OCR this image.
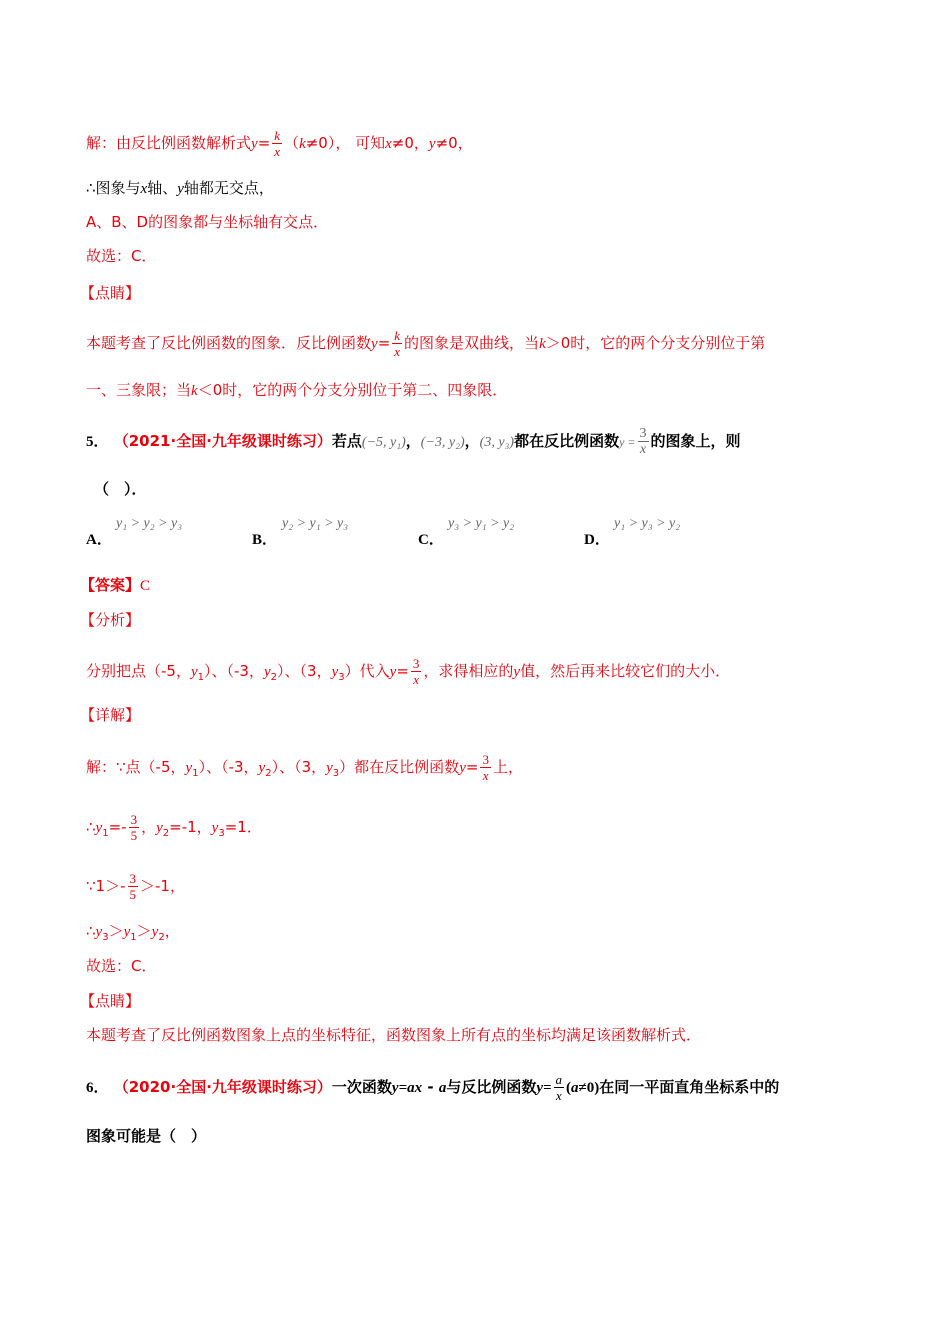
解：由反比例函数解析式$y= \frac{k}{x} (k\ne 0)$， 可知x≠0，y≠0，
∴图象与x轴、y轴都无交点，
A、B、D的图象都与坐标轴有交点．
故选：C．
【点睛】
本题考查了反比例函数的图象．反比例函数$y= \frac{k}{x}$ 的图象是双曲线，当k＞0时，它的两个分支分别位于第
一、三象限；当k＜0时，它的两个分支分别位于第二、四象限．
5． （2021·全国·九年级课时练习）若点(−5, y₁)，(−3, y₂)，(3, y₃)都在反比例函数$y = \frac{3}{x}$ 的图象上，则
（　）．
A．
y₁ > y₂ > y₃
B．
y₂ > y₁ > y₃
C．
y₃ > y₁ > y₂
D．
y₁ > y₃ > y₂
【答案】C
【分析】
分别把点（-5，$y_1$）、（-3，$y_2$）、（3，$y_3$）代入$y= \frac{3}{x}$ ，求得相应的y值，然后再来比较它们的大小．
【详解】
解：∵点（-5，$y_1$）、（-3，$y_2$）、（3，$y_3$）都在反比例函数$y= \frac{3}{x}$ 上，
$\therefore y_1=- \frac{3}{5}$ ，$y_2=-1$，$y_3=1$．
∵1＞- $\frac{3}{5} >-1$，
$\therefore y_3>y_1>y_2$，
故选：C．
【点睛】
本题考查了反比例函数图象上点的坐标特征，函数图象上所有点的坐标均满足该函数解析式．
6． （2020·全国·九年级课时练习）一次函数y=ax - a与反比例函数$y= \frac{a}{x} (a\ne 0)$在同一平面直角坐标系中的
图象可能是（　）
